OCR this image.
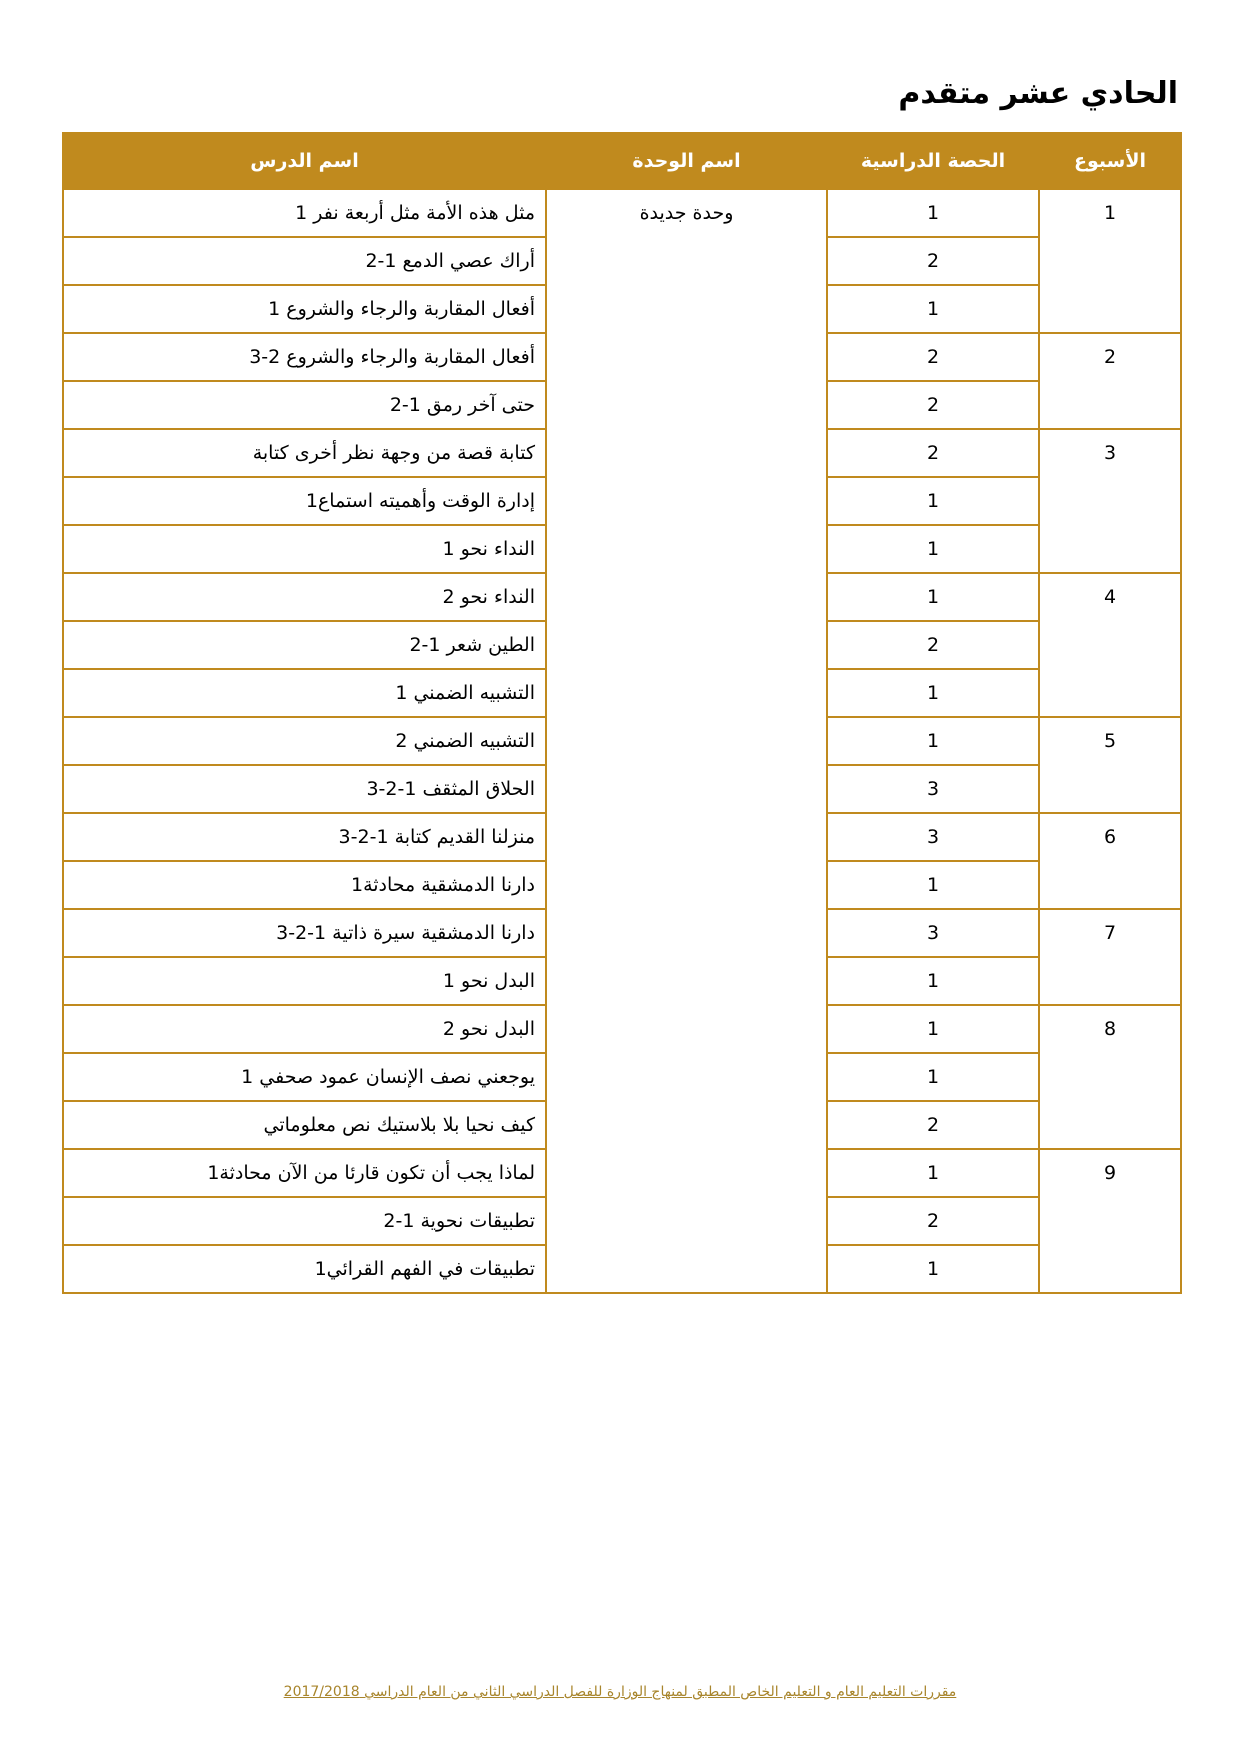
الحادي عشر متقدم
الأسبوع	الحصة الدراسية	اسم الوحدة	اسم الدرس
1	1	وحدة جديدة	مثل هذه الأمة مثل أربعة نفر 1
	2		أراك عصي الدمع 1-2
	1		أفعال المقاربة والرجاء والشروع 1
2	2		أفعال المقاربة والرجاء والشروع 2-3
	2		حتى آخر رمق 1-2
3	2		كتابة قصة من وجهة نظر أخرى كتابة
	1		إدارة الوقت وأهميته استماع1
	1		النداء نحو 1
4	1		النداء نحو 2
	2		الطين شعر 1-2
	1		التشبيه الضمني 1
5	1		التشبيه الضمني 2
	3		الحلاق المثقف 1-2-3
6	3		منزلنا القديم كتابة 1-2-3
	1		دارنا الدمشقية محادثة1
7	3		دارنا الدمشقية سيرة ذاتية 1-2-3
	1		البدل نحو 1
8	1		البدل نحو 2
	1		يوجعني نصف الإنسان عمود صحفي 1
	2		كيف نحيا بلا بلاستيك نص معلوماتي
9	1		لماذا يجب أن تكون قارئا من الآن محادثة1
	2		تطبيقات نحوية 1-2
	1		تطبيقات في الفهم القرائي1
مقررات التعليم العام و التعليم الخاص المطبق لمنهاج الوزارة للفصل الدراسي الثاني من العام الدراسي 2017/2018
